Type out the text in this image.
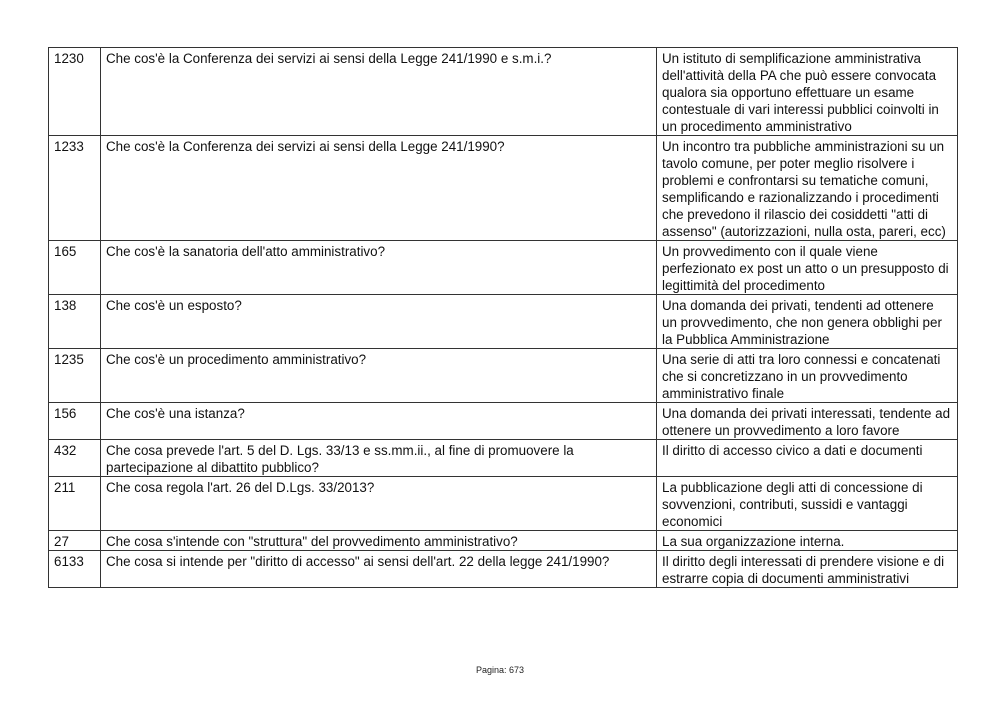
1230	Che cos'è la Conferenza dei servizi ai sensi della Legge 241/1990 e s.m.i.?	Un istituto di semplificazione amministrativa dell'attività della PA che può essere convocata qualora sia opportuno effettuare un esame contestuale di vari interessi pubblici coinvolti in un procedimento amministrativo
1233	Che cos'è la Conferenza dei servizi ai sensi della Legge 241/1990?	Un incontro tra pubbliche amministrazioni su un tavolo comune, per poter meglio risolvere i problemi e confrontarsi su tematiche comuni, semplificando e razionalizzando i procedimenti che prevedono il rilascio dei cosiddetti "atti di assenso" (autorizzazioni, nulla osta, pareri, ecc)
165	Che cos'è la sanatoria dell'atto amministrativo?	Un provvedimento con il quale viene perfezionato ex post un atto o un presupposto di legittimità del procedimento
138	Che cos'è un esposto?	Una domanda dei privati, tendenti ad ottenere un provvedimento, che non genera obblighi per la Pubblica Amministrazione
1235	Che cos'è un procedimento amministrativo?	Una serie di atti tra loro connessi e concatenati che si concretizzano in un provvedimento amministrativo finale
156	Che cos'è una istanza?	Una domanda dei privati interessati, tendente ad ottenere un provvedimento a loro favore
432	Che cosa prevede l'art. 5 del D. Lgs. 33/13 e ss.mm.ii., al fine di promuovere la partecipazione al dibattito pubblico?	Il diritto di accesso civico a dati e documenti
211	Che cosa regola l'art. 26 del D.Lgs. 33/2013?	La pubblicazione degli atti di concessione di sovvenzioni, contributi, sussidi e vantaggi economici
27	Che cosa s'intende con "struttura" del provvedimento amministrativo?	La sua organizzazione interna.
6133	Che cosa si intende per "diritto di accesso" ai sensi dell'art. 22 della legge 241/1990?	Il diritto degli interessati di prendere visione e di estrarre copia di documenti amministrativi
Pagina: 673
